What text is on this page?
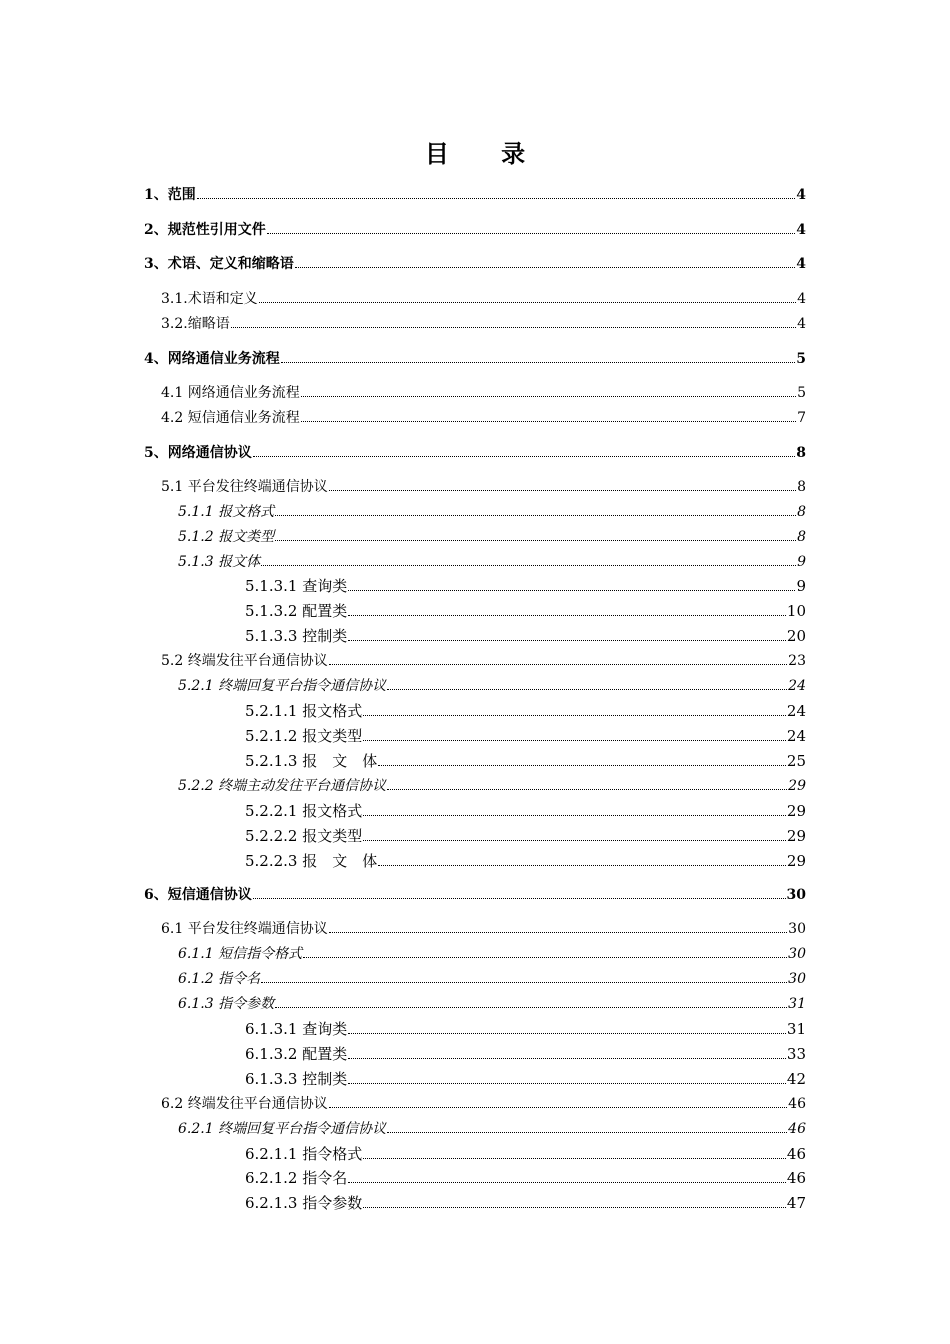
目 录
1、范围	4
2、规范性引用文件	4
3、术语、定义和缩略语	4
3.1.术语和定义	4
3.2.缩略语	4
4、网络通信业务流程	5
4.1 网络通信业务流程	5
4.2 短信通信业务流程	7
5、网络通信协议	8
5.1 平台发往终端通信协议	8
5.1.1 报文格式	8
5.1.2 报文类型	8
5.1.3 报文体	9
5.1.3.1 查询类	9
5.1.3.2 配置类	10
5.1.3.3 控制类	20
5.2 终端发往平台通信协议	23
5.2.1 终端回复平台指令通信协议	24
5.2.1.1 报文格式	24
5.2.1.2 报文类型	24
5.2.1.3 报　文　体	25
5.2.2 终端主动发往平台通信协议	29
5.2.2.1 报文格式	29
5.2.2.2 报文类型	29
5.2.2.3 报　文　体	29
6、短信通信协议	30
6.1 平台发往终端通信协议	30
6.1.1 短信指令格式	30
6.1.2 指令名	30
6.1.3 指令参数	31
6.1.3.1 查询类	31
6.1.3.2 配置类	33
6.1.3.3 控制类	42
6.2 终端发往平台通信协议	46
6.2.1 终端回复平台指令通信协议	46
6.2.1.1 指令格式	46
6.2.1.2 指令名	46
6.2.1.3 指令参数	47
